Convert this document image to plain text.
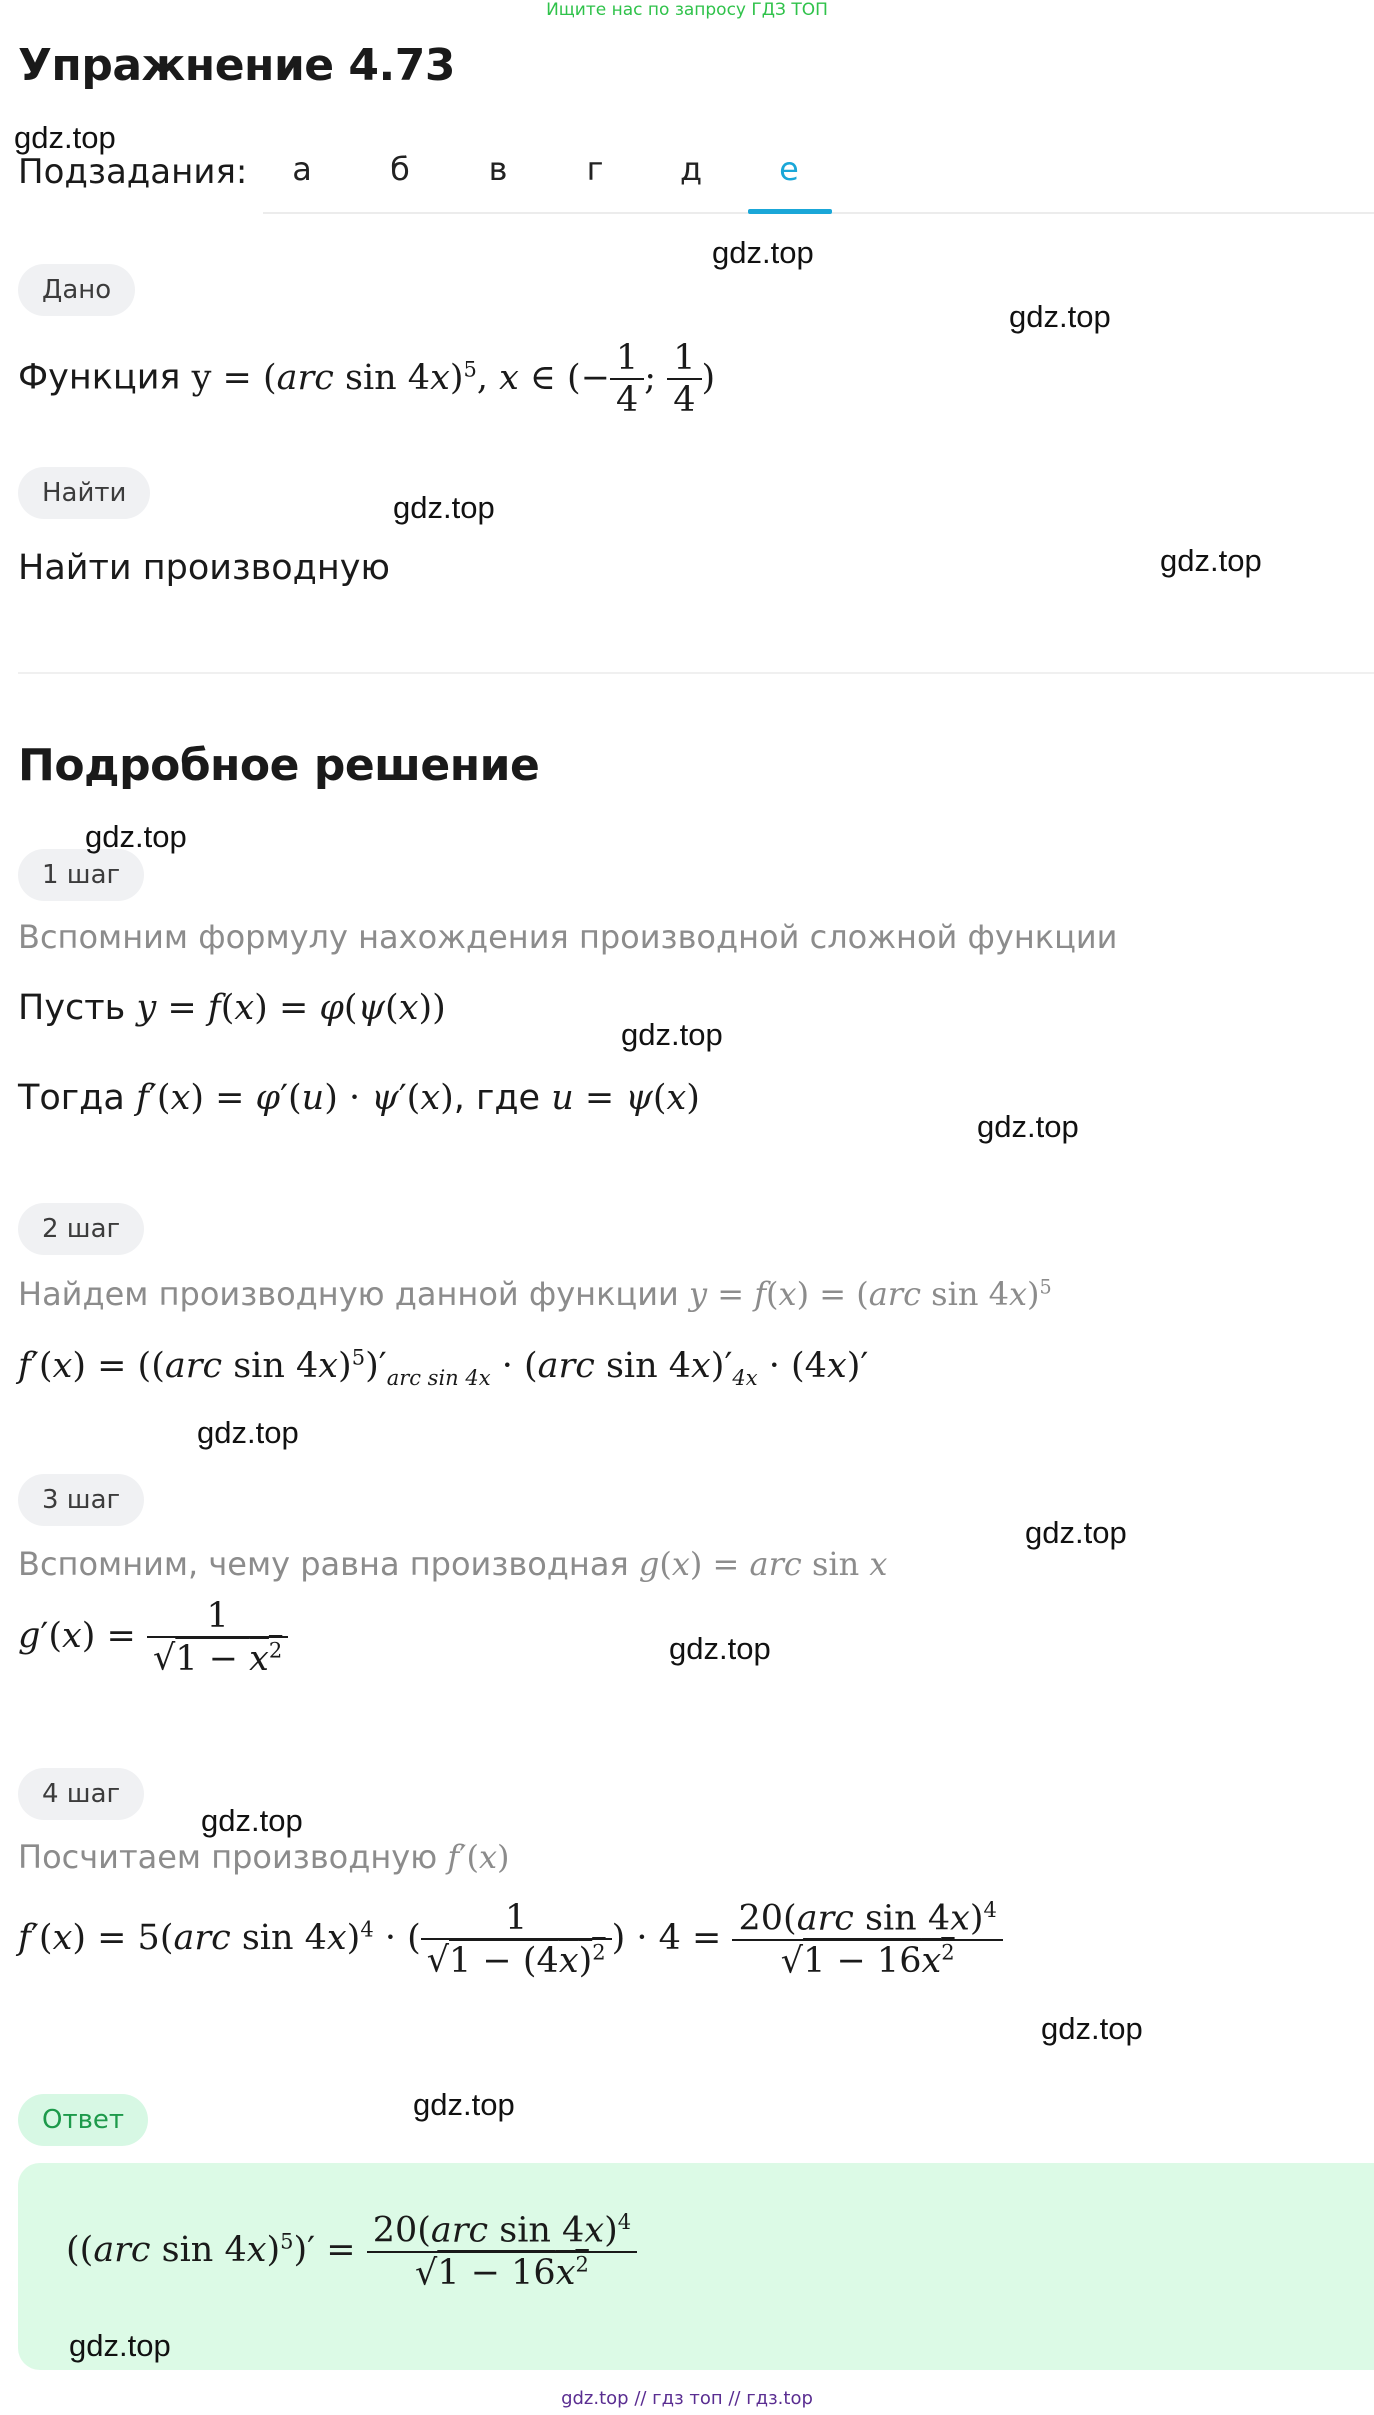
Ищите нас по запросу ГДЗ ТОП
Упражнение 4.73
Подзадания:	а	б	в	г	д	е
Дано
Функция y = (arc sin 4x)$^5$, x ∈ (− $\frac{1}{4}$ ; $\frac{1}{4}$ )
Найти
Найти производную
Подробное решение
1 шаг
Вспомним формулу нахождения производной сложной функции
Пусть y = f(x) = φ(ψ(x))
Тогда f′(x) = φ′(u) · ψ′(x), где u = ψ(x)
2 шаг
Найдем производную данной функции y = f(x) = (arc sin 4x)$^5$
f′(x) = ((arc $\sin 4x)^5)'_{arc sin 4x} \cdot (arc$ $\sin 4x)'_{4x} \cdot (4x)'$
3 шаг
Вспомним, чему равна производная g(x) = arc sin x
$g'(x) = \frac{1}{√1 - x^2}$
4 шаг
Посчитаем производную f′(x)
f′(x) = 5(arc sin 4x)$^4$ · ( $\frac{1}{√1 - (4x)^2}$ ) · $4 = \frac{20(arc \sin 4x)^4}{√1 - 16x^2}$
Ответ
((arc $\sin 4x)^5)' = \frac{20(arc \sin 4x)^4}{√1 - 16x^2}$
gdz.top
gdz.top
gdz.top
gdz.top
gdz.top
gdz.top
gdz.top
gdz.top
gdz.top
gdz.top
gdz.top
gdz.top
gdz.top
gdz.top
gdz.top
gdz.top // гдз топ // гдз.top
